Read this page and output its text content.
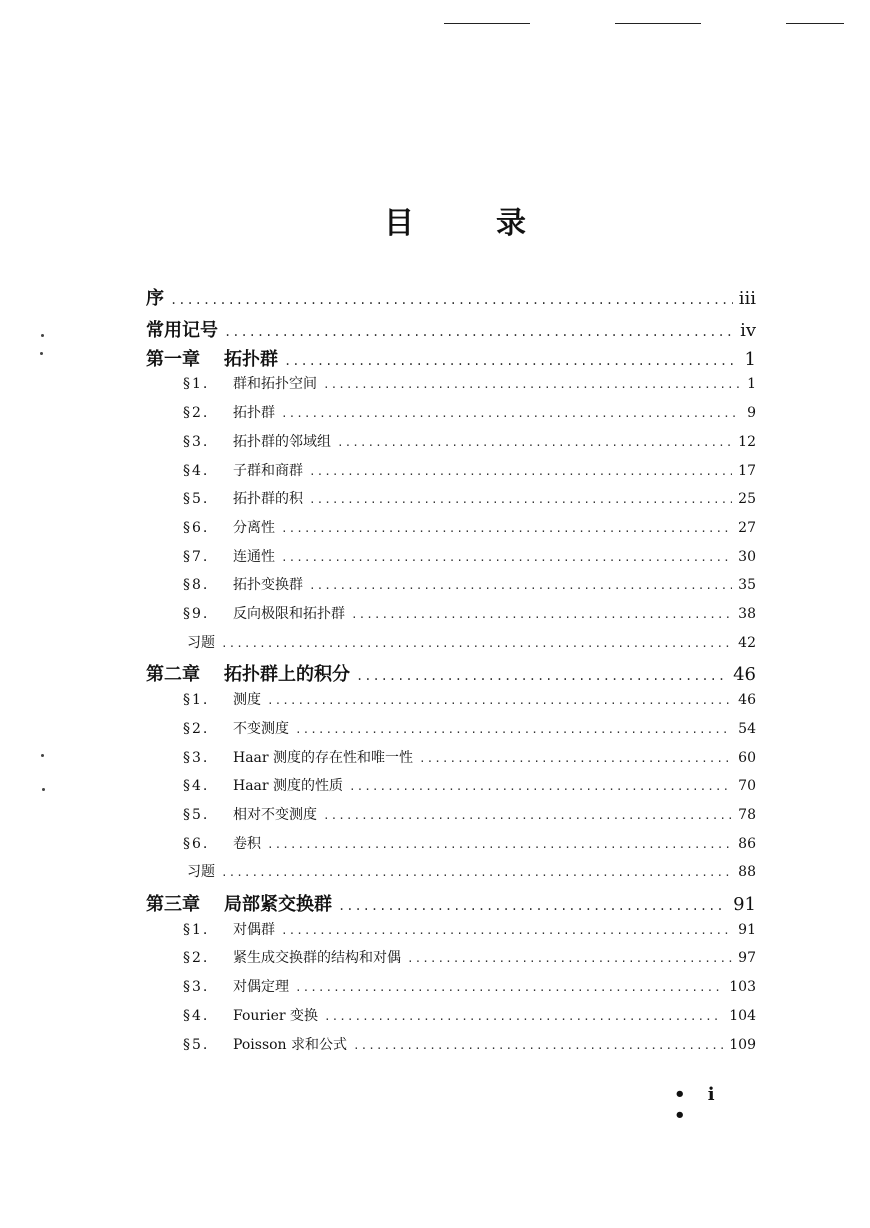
目	录
序 .....	iii
常用记号 .....	iv
第一章	拓扑群 .....	1
§1.	群和拓扑空间 .....	1
§2.	拓扑群 .....	9
§3.	拓扑群的邻域组 .....	12
§4.	子群和商群 .....	17
§5.	拓扑群的积 .....	25
§6.	分离性 .....	27
§7.	连通性 .....	30
§8.	拓扑变换群 .....	35
§9.	反向极限和拓扑群 .....	38
习题 .....	42
第二章	拓扑群上的积分 .....	46
§1.	测度 .....	46
§2.	不变测度 .....	54
§3.	Haar 测度的存在性和唯一性 .....	60
§4.	Haar 测度的性质 .....	70
§5.	相对不变测度 .....	78
§6.	卷积 .....	86
习题 .....	88
第三章	局部紧交换群 .....	91
§1.	对偶群 .....	91
§2.	紧生成交换群的结构和对偶 .....	97
§3.	对偶定理 .....	103
§4.	Fourier 变换 .....	104
§5.	Poisson 求和公式 .....	109
• i •
